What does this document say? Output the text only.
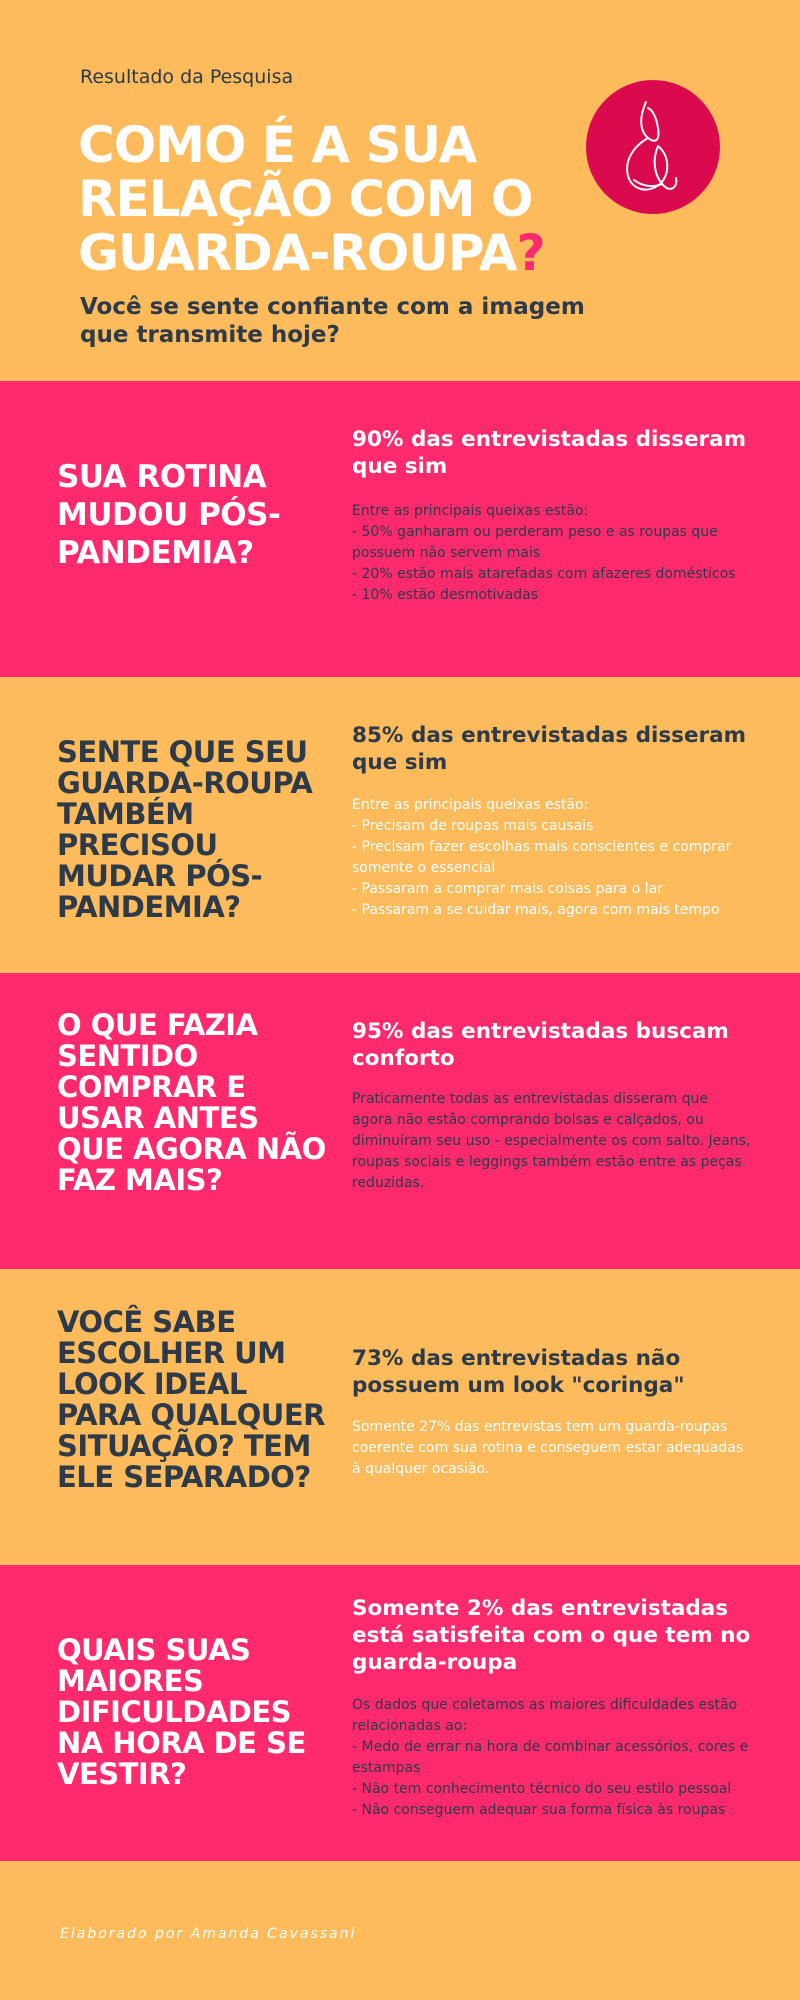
Resultado da Pesquisa
COMO É A SUA RELAÇÃO COM O GUARDA-ROUPA?
Você se sente confiante com a imagem que transmite hoje?
SUA ROTINA MUDOU PÓS-PANDEMIA?
90% das entrevistadas disseram que sim
Entre as principais queixas estão:
- 50% ganharam ou perderam peso e as roupas que possuem não servem mais
- 20% estão mais atarefadas com afazeres domésticos
- 10% estão desmotivadas
SENTE QUE SEU GUARDA-ROUPA TAMBÉM PRECISOU MUDAR PÓS-PANDEMIA?
85% das entrevistadas disseram que sim
Entre as principais queixas estão:
- Precisam de roupas mais causais
- Precisam fazer escolhas mais conscientes e comprar somente o essencial
- Passaram a comprar mais coisas para o lar
- Passaram a se cuidar mais, agora com mais tempo
O QUE FAZIA SENTIDO COMPRAR E USAR ANTES QUE AGORA NÃO FAZ MAIS?
95% das entrevistadas buscam conforto
Praticamente todas as entrevistadas disseram que agora não estão comprando bolsas e calçados, ou diminuíram seu uso - especialmente os com salto. Jeans, roupas sociais e leggings também estão entre as peças reduzidas.
VOCÊ SABE ESCOLHER UM LOOK IDEAL PARA QUALQUER SITUAÇÃO? TEM ELE SEPARADO?
73% das entrevistadas não possuem um look "coringa"
Somente 27% das entrevistas tem um guarda-roupas coerente com sua rotina e conseguem estar adequadas à qualquer ocasião.
QUAIS SUAS MAIORES DIFICULDADES NA HORA DE SE VESTIR?
Somente 2% das entrevistadas está satisfeita com o que tem no guarda-roupa
Os dados que coletamos as maiores dificuldades estão relacionadas ao:
- Medo de errar na hora de combinar acessórios, cores e estampas
- Não tem conhecimento técnico do seu estilo pessoal
- Não conseguem adequar sua forma física às roupas
Elaborado por Amanda Cavassani
